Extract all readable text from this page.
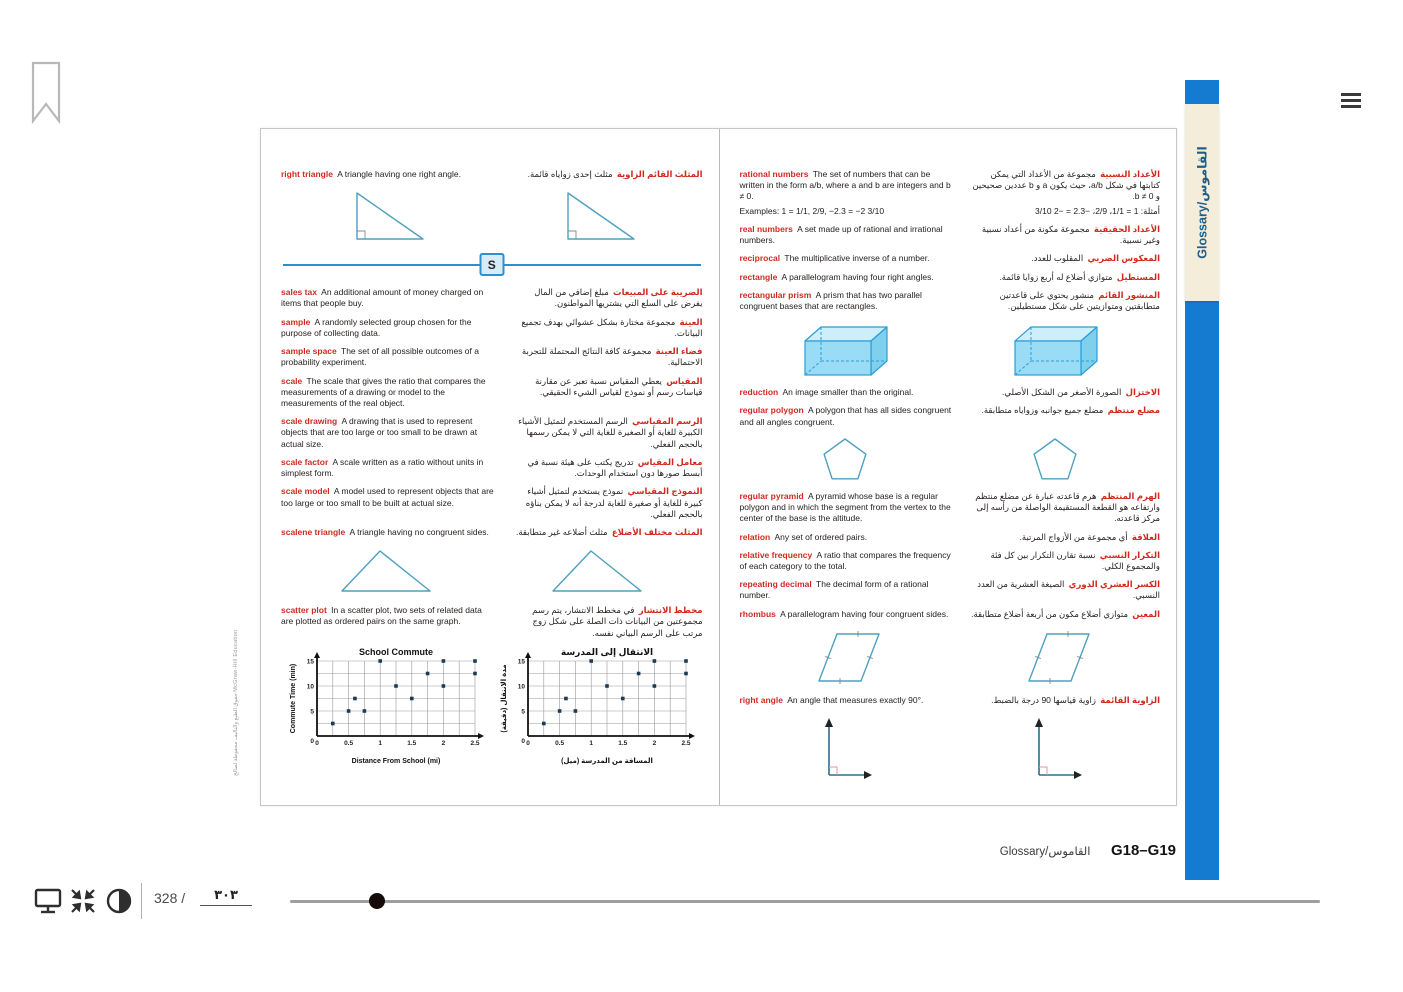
right triangle  A triangle having one right angle.	المثلث القائم الزاوية مثلث إحدى زواياه قائمة.
S
sales tax  An additional amount of money charged on items that people buy.
الضريبة على المبيعات مبلغ إضافي من المال يفرض على السلع التي يشتريها المواطنون.
sample  A randomly selected group chosen for the purpose of collecting data.
العينة مجموعة مختارة بشكل عشوائي بهدف تجميع البيانات.
sample space  The set of all possible outcomes of a probability experiment.
فضاء العينة مجموعة كافة النتائج المحتملة للتجربة الاحتمالية.
scale  The scale that gives the ratio that compares the measurements of a drawing or model to the measurements of the real object.
المقياس يعطي المقياس نسبة تعبر عن مقارنة قياسات رسم أو نموذج لقياس الشيء الحقيقي.
scale drawing  A drawing that is used to represent objects that are too large or too small to be drawn at actual size.
الرسم المقياسي الرسم المستخدم لتمثيل الأشياء الكبيرة للغاية أو الصغيرة للغاية التي لا يمكن رسمها بالحجم الفعلي.
scale factor  A scale written as a ratio without units in simplest form.
معامل المقياس تدريج يكتب على هيئة نسبة في أبسط صورها دون استخدام الوحدات.
scale model  A model used to represent objects that are too large or too small to be built at actual size.
النموذج المقياسي نموذج يستخدم لتمثيل أشياء كبيرة للغاية أو صغيرة للغاية لدرجة أنه لا يمكن بناؤه بالحجم الفعلي.
scalene triangle  A triangle having no congruent sides.	المثلث مختلف الأضلاع مثلث أضلاعه غير متطابقة.
scatter plot  In a scatter plot, two sets of related data are plotted as ordered pairs on the same graph.
مخطط الانتشار في مخطط الانتشار، يتم رسم مجموعتين من البيانات ذات الصلة على شكل زوج مرتب على الرسم البياني نفسه.
0	0.5	1	1.5	2	2.5
5
10
15
0
School Commute
Distance From School (mi)
Commute Time (min)
0	0.5	1	1.5	2	2.5
5
10
15
0
الانتقال إلى المدرسة
المسافة من المدرسة (ميل)
مدة الانتقال (دقيقة)
rational numbers  The set of numbers that can be written in the form a/b, where a and b are integers and b ≠ 0.
Examples: 1 = 1/1, 2/9, −2.3 = −2 3/10
الأعداد النسبية مجموعة من الأعداد التي يمكن كتابتها في شكل a/b، حيث يكون a و b عددين صحيحين و b ≠ 0.
أمثلة: 1 = 1/1، 2/9، −2.3 = −2 3/10
real numbers  A set made up of rational and irrational numbers.
الأعداد الحقيقية مجموعة مكونة من أعداد نسبية وغير نسبية.
reciprocal  The multiplicative inverse of a number.	المعكوس الضربي المقلوب للعدد.
rectangle  A parallelogram having four right angles.	المستطيل متوازي أضلاع له أربع زوايا قائمة.
rectangular prism  A prism that has two parallel congruent bases that are rectangles.
المنشور القائم منشور يحتوي على قاعدتين متطابقتين ومتوازيتين على شكل مستطيلين.
reduction  An image smaller than the original.	الاختزال الصورة الأصغر من الشكل الأصلي.
regular polygon  A polygon that has all sides congruent and all angles congruent.
مضلع منتظم مضلع جميع جوانبه وزواياه متطابقة.
regular pyramid  A pyramid whose base is a regular polygon and in which the segment from the vertex to the center of the base is the altitude.
الهرم المنتظم هرم قاعدته عبارة عن مضلع منتظم وارتفاعه هو القطعة المستقيمة الواصلة من رأسه إلى مركز قاعدته.
relation  Any set of ordered pairs.	العلاقة أي مجموعة من الأزواج المرتبة.
relative frequency  A ratio that compares the frequency of each category to the total.
التكرار النسبي نسبة تقارن التكرار بين كل فئة والمجموع الكلي.
repeating decimal  The decimal form of a rational number.
الكسر العشري الدوري الصيغة العشرية من العدد النسبي.
rhombus  A parallelogram having four congruent sides.	المعين متوازي أضلاع مكون من أربعة أضلاع متطابقة.
right angle  An angle that measures exactly 90°.	الزاوية القائمة زاوية قياسها 90 درجة بالضبط.
حقوق الطبع والتأليف محفوظة لصالح McGraw-Hill Education
Glossary/القاموس G18–G19
Glossary/القاموس
328 /	٣٠٣
